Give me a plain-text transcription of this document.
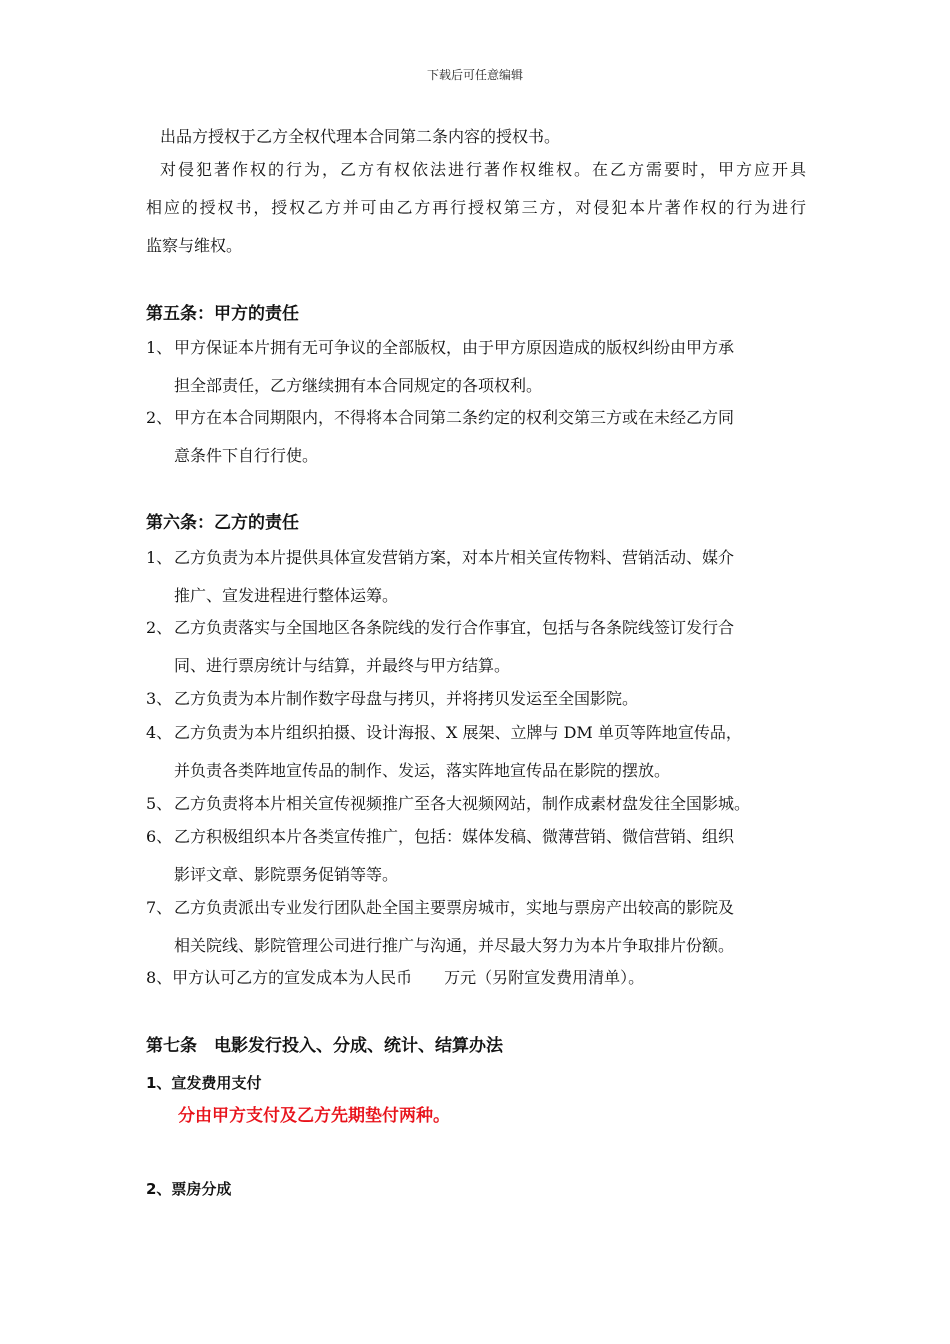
下载后可任意编辑
出品方授权于乙方全权代理本合同第二条内容的授权书。
对侵犯著作权的行为，乙方有权依法进行著作权维权。在乙方需要时，甲方应开具
相应的授权书，授权乙方并可由乙方再行授权第三方，对侵犯本片著作权的行为进行
监察与维权。
第五条：甲方的责任
1、 甲方保证本片拥有无可争议的全部版权，由于甲方原因造成的版权纠纷由甲方承
担全部责任，乙方继续拥有本合同规定的各项权利。
2、 甲方在本合同期限内，不得将本合同第二条约定的权利交第三方或在未经乙方同
意条件下自行行使。
第六条：乙方的责任
1、 乙方负责为本片提供具体宣发营销方案，对本片相关宣传物料、营销活动、媒介
推广、宣发进程进行整体运筹。
2、 乙方负责落实与全国地区各条院线的发行合作事宜，包括与各条院线签订发行合
同、进行票房统计与结算，并最终与甲方结算。
3、 乙方负责为本片制作数字母盘与拷贝，并将拷贝发运至全国影院。
4、 乙方负责为本片组织拍摄、设计海报、X 展架、立牌与 DM 单页等阵地宣传品，
并负责各类阵地宣传品的制作、发运，落实阵地宣传品在影院的摆放。
5、 乙方负责将本片相关宣传视频推广至各大视频网站，制作成素材盘发往全国影城。
6、 乙方积极组织本片各类宣传推广，包括：媒体发稿、微薄营销、微信营销、组织
影评文章、影院票务促销等等。
7、 乙方负责派出专业发行团队赴全国主要票房城市，实地与票房产出较高的影院及
相关院线、影院管理公司进行推广与沟通，并尽最大努力为本片争取排片份额。
8、甲方认可乙方的宣发成本为人民币　　万元（另附宣发费用清单）。
第七条　电影发行投入、分成、统计、结算办法
1、宣发费用支付
分由甲方支付及乙方先期垫付两种。
2、票房分成
